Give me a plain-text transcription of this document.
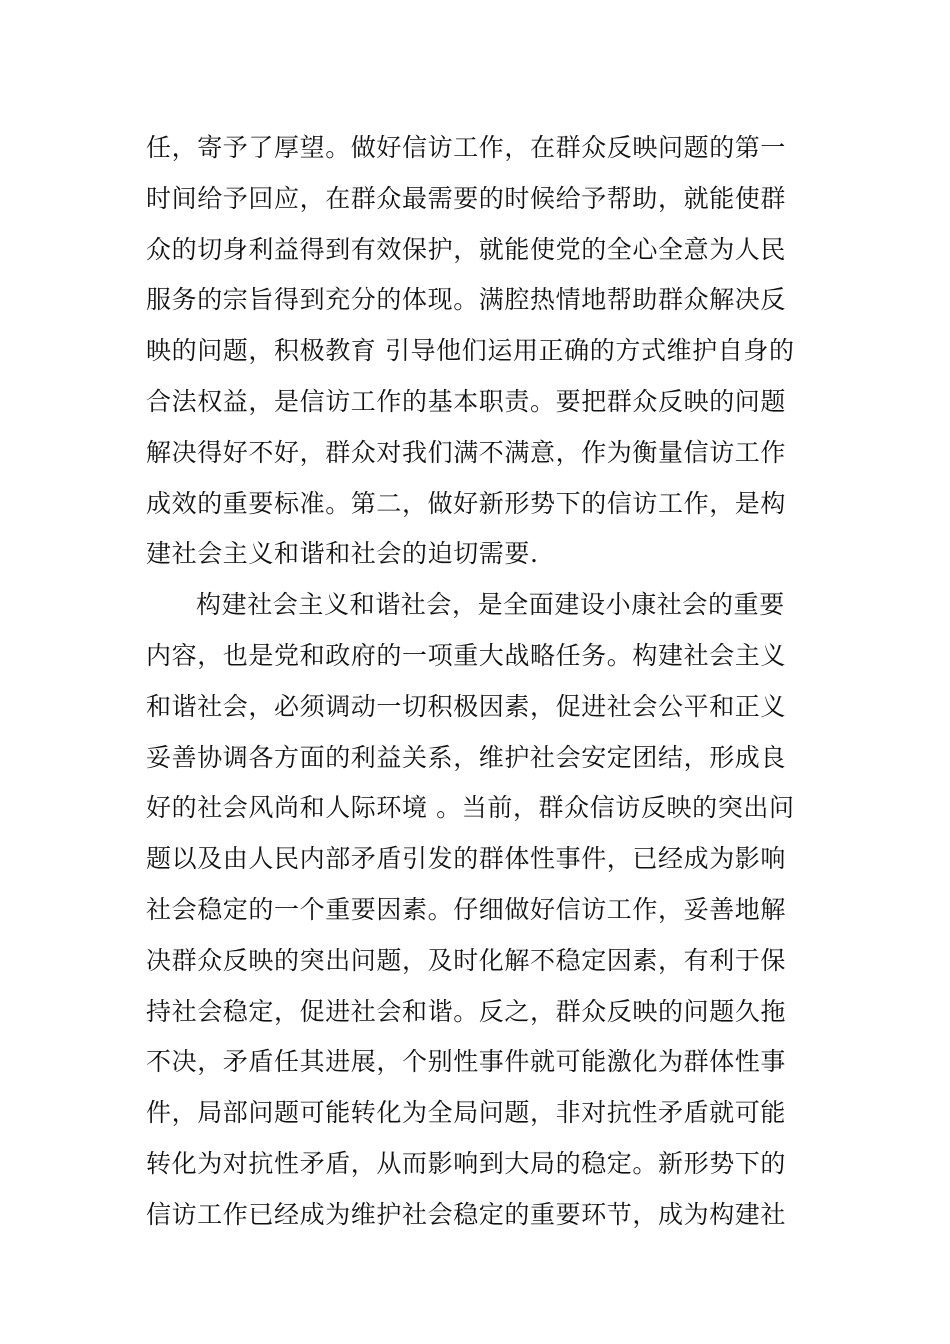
任，寄予了厚望。做好信访工作，在群众反映问题的第一
时间给予回应，在群众最需要的时候给予帮助，就能使群
众的切身利益得到有效保护，就能使党的全心全意为人民
服务的宗旨得到充分的体现。满腔热情地帮助群众解决反
映的问题，积极教育 引导他们运用正确的方式维护自身的
合法权益，是信访工作的基本职责。要把群众反映的问题
解决得好不好，群众对我们满不满意，作为衡量信访工作
成效的重要标准。第二，做好新形势下的信访工作，是构
建社会主义和谐和社会的迫切需要.

构建社会主义和谐社会，是全面建设小康社会的重要
内容，也是党和政府的一项重大战略任务。构建社会主义
和谐社会，必须调动一切积极因素，促进社会公平和正义
妥善协调各方面的利益关系，维护社会安定团结，形成良
好的社会风尚和人际环境 。当前，群众信访反映的突出问
题以及由人民内部矛盾引发的群体性事件，已经成为影响
社会稳定的一个重要因素。仔细做好信访工作，妥善地解
决群众反映的突出问题，及时化解不稳定因素，有利于保
持社会稳定，促进社会和谐。反之，群众反映的问题久拖
不决，矛盾任其进展，个别性事件就可能激化为群体性事
件，局部问题可能转化为全局问题，非对抗性矛盾就可能
转化为对抗性矛盾，从而影响到大局的稳定。新形势下的
信访工作已经成为维护社会稳定的重要环节，成为构建社
